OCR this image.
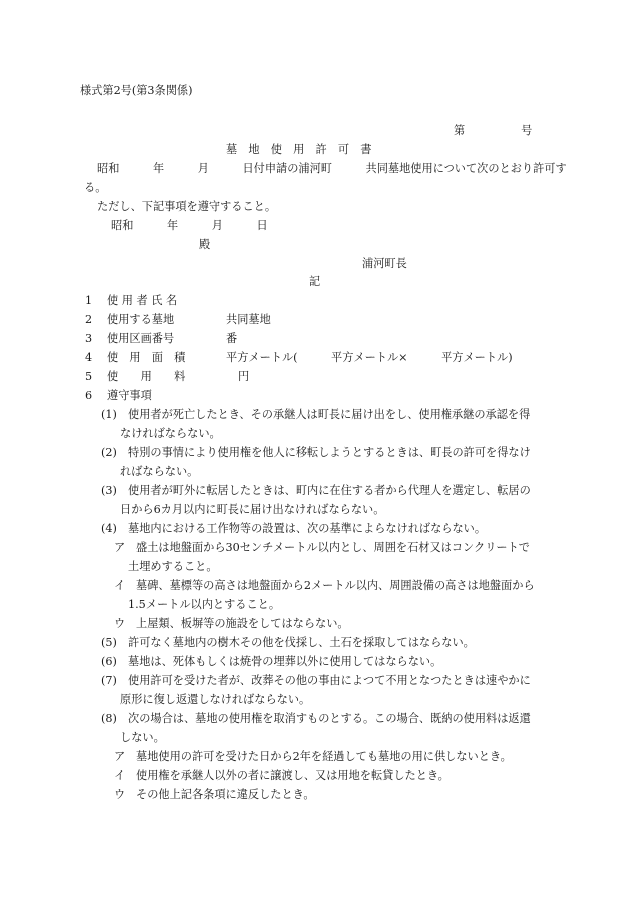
様式第2号(第3条関係)
第　　　　　号
墓　地　使　用　許　可　書
昭和　　　年　　　月　　　日付申請の浦河町　　　共同墓地使用について次のとおり許可す
る。
ただし、下記事項を遵守すること。
昭和　　　年　　　月　　　日
殿
浦河町長
記
1 使 用 者 氏 名
2 使用する墓地	共同墓地
3 使用区画番号	番
4 使　用　面　積	平方メートル(　　　平方メートル×　　　平方メートル)
5 使　　用　　料	円
6 遵守事項
(1) 使用者が死亡したとき、その承継人は町長に届け出をし、使用権承継の承認を得
なければならない。
(2) 特別の事情により使用権を他人に移転しようとするときは、町長の許可を得なけ
ればならない。
(3) 使用者が町外に転居したときは、町内に在住する者から代理人を選定し、転居の
日から6カ月以内に町長に届け出なければならない。
(4) 墓地内における工作物等の設置は、次の基準によらなければならない。
ア 盛土は地盤面から30センチメートル以内とし、周囲を石材又はコンクリートで
土埋めすること。
イ 墓碑、墓標等の高さは地盤面から2メートル以内、周囲設備の高さは地盤面から
1.5メートル以内とすること。
ウ 上屋類、板塀等の施設をしてはならない。
(5) 許可なく墓地内の樹木その他を伐採し、土石を採取してはならない。
(6) 墓地は、死体もしくは焼骨の埋葬以外に使用してはならない。
(7) 使用許可を受けた者が、改葬その他の事由によつて不用となつたときは速やかに
原形に復し返還しなければならない。
(8) 次の場合は、墓地の使用権を取消すものとする。この場合、既納の使用料は返還
しない。
ア 墓地使用の許可を受けた日から2年を経過しても墓地の用に供しないとき。
イ 使用権を承継人以外の者に譲渡し、又は用地を転貸したとき。
ウ その他上記各条項に違反したとき。
